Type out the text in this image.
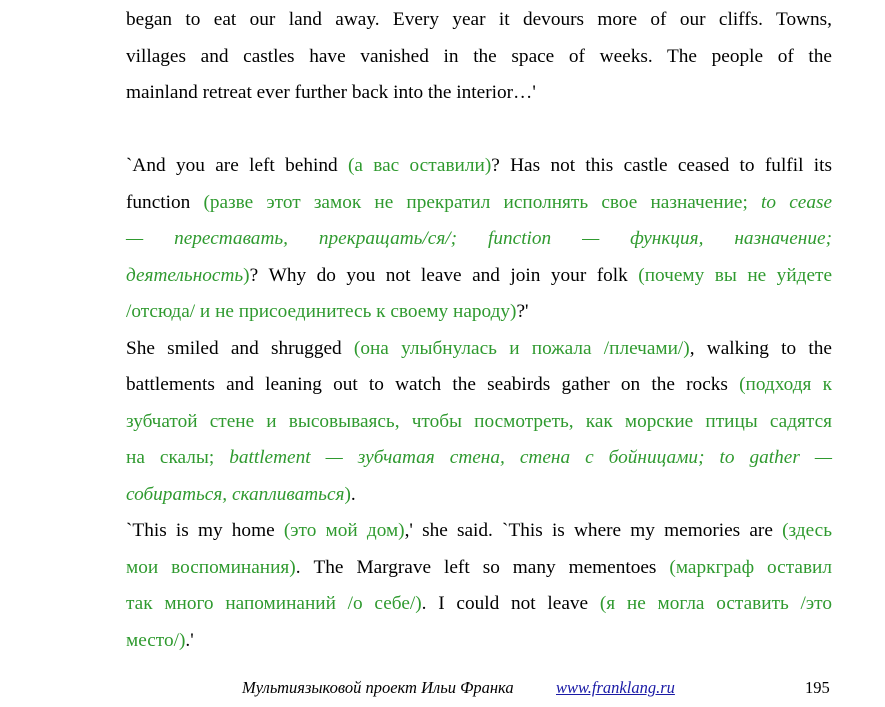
began to eat our land away. Every year it devours more of our cliffs. Towns,
villages and castles have vanished in the space of weeks. The people of the
mainland retreat ever further back into the interior…'
`And you are left behind (а вас оставили)? Has not this castle ceased to fulfil its
function (разве этот замок не прекратил исполнять свое назначение; to cease
— переставать, прекращать/ся/; function — функция, назначение;
деятельность)? Why do you not leave and join your folk (почему вы не уйдете
/отсюда/ и не присоединитесь к своему народу)?'
She smiled and shrugged (она улыбнулась и пожала /плечами/), walking to the
battlements and leaning out to watch the seabirds gather on the rocks (подходя к
зубчатой стене и высовываясь, чтобы посмотреть, как морские птицы садятся
на скалы; battlement — зубчатая стена, стена с бойницами; to gather —
собираться, скапливаться).
`This is my home (это мой дом),' she said. `This is where my memories are (здесь
мои воспоминания). The Margrave left so many mementoes (маркграф оставил
так много напоминаний /о себе/). I could not leave (я не могла оставить /это
место/).'
Мультиязыковой проект Ильи Франка	www.franklang.ru	195
